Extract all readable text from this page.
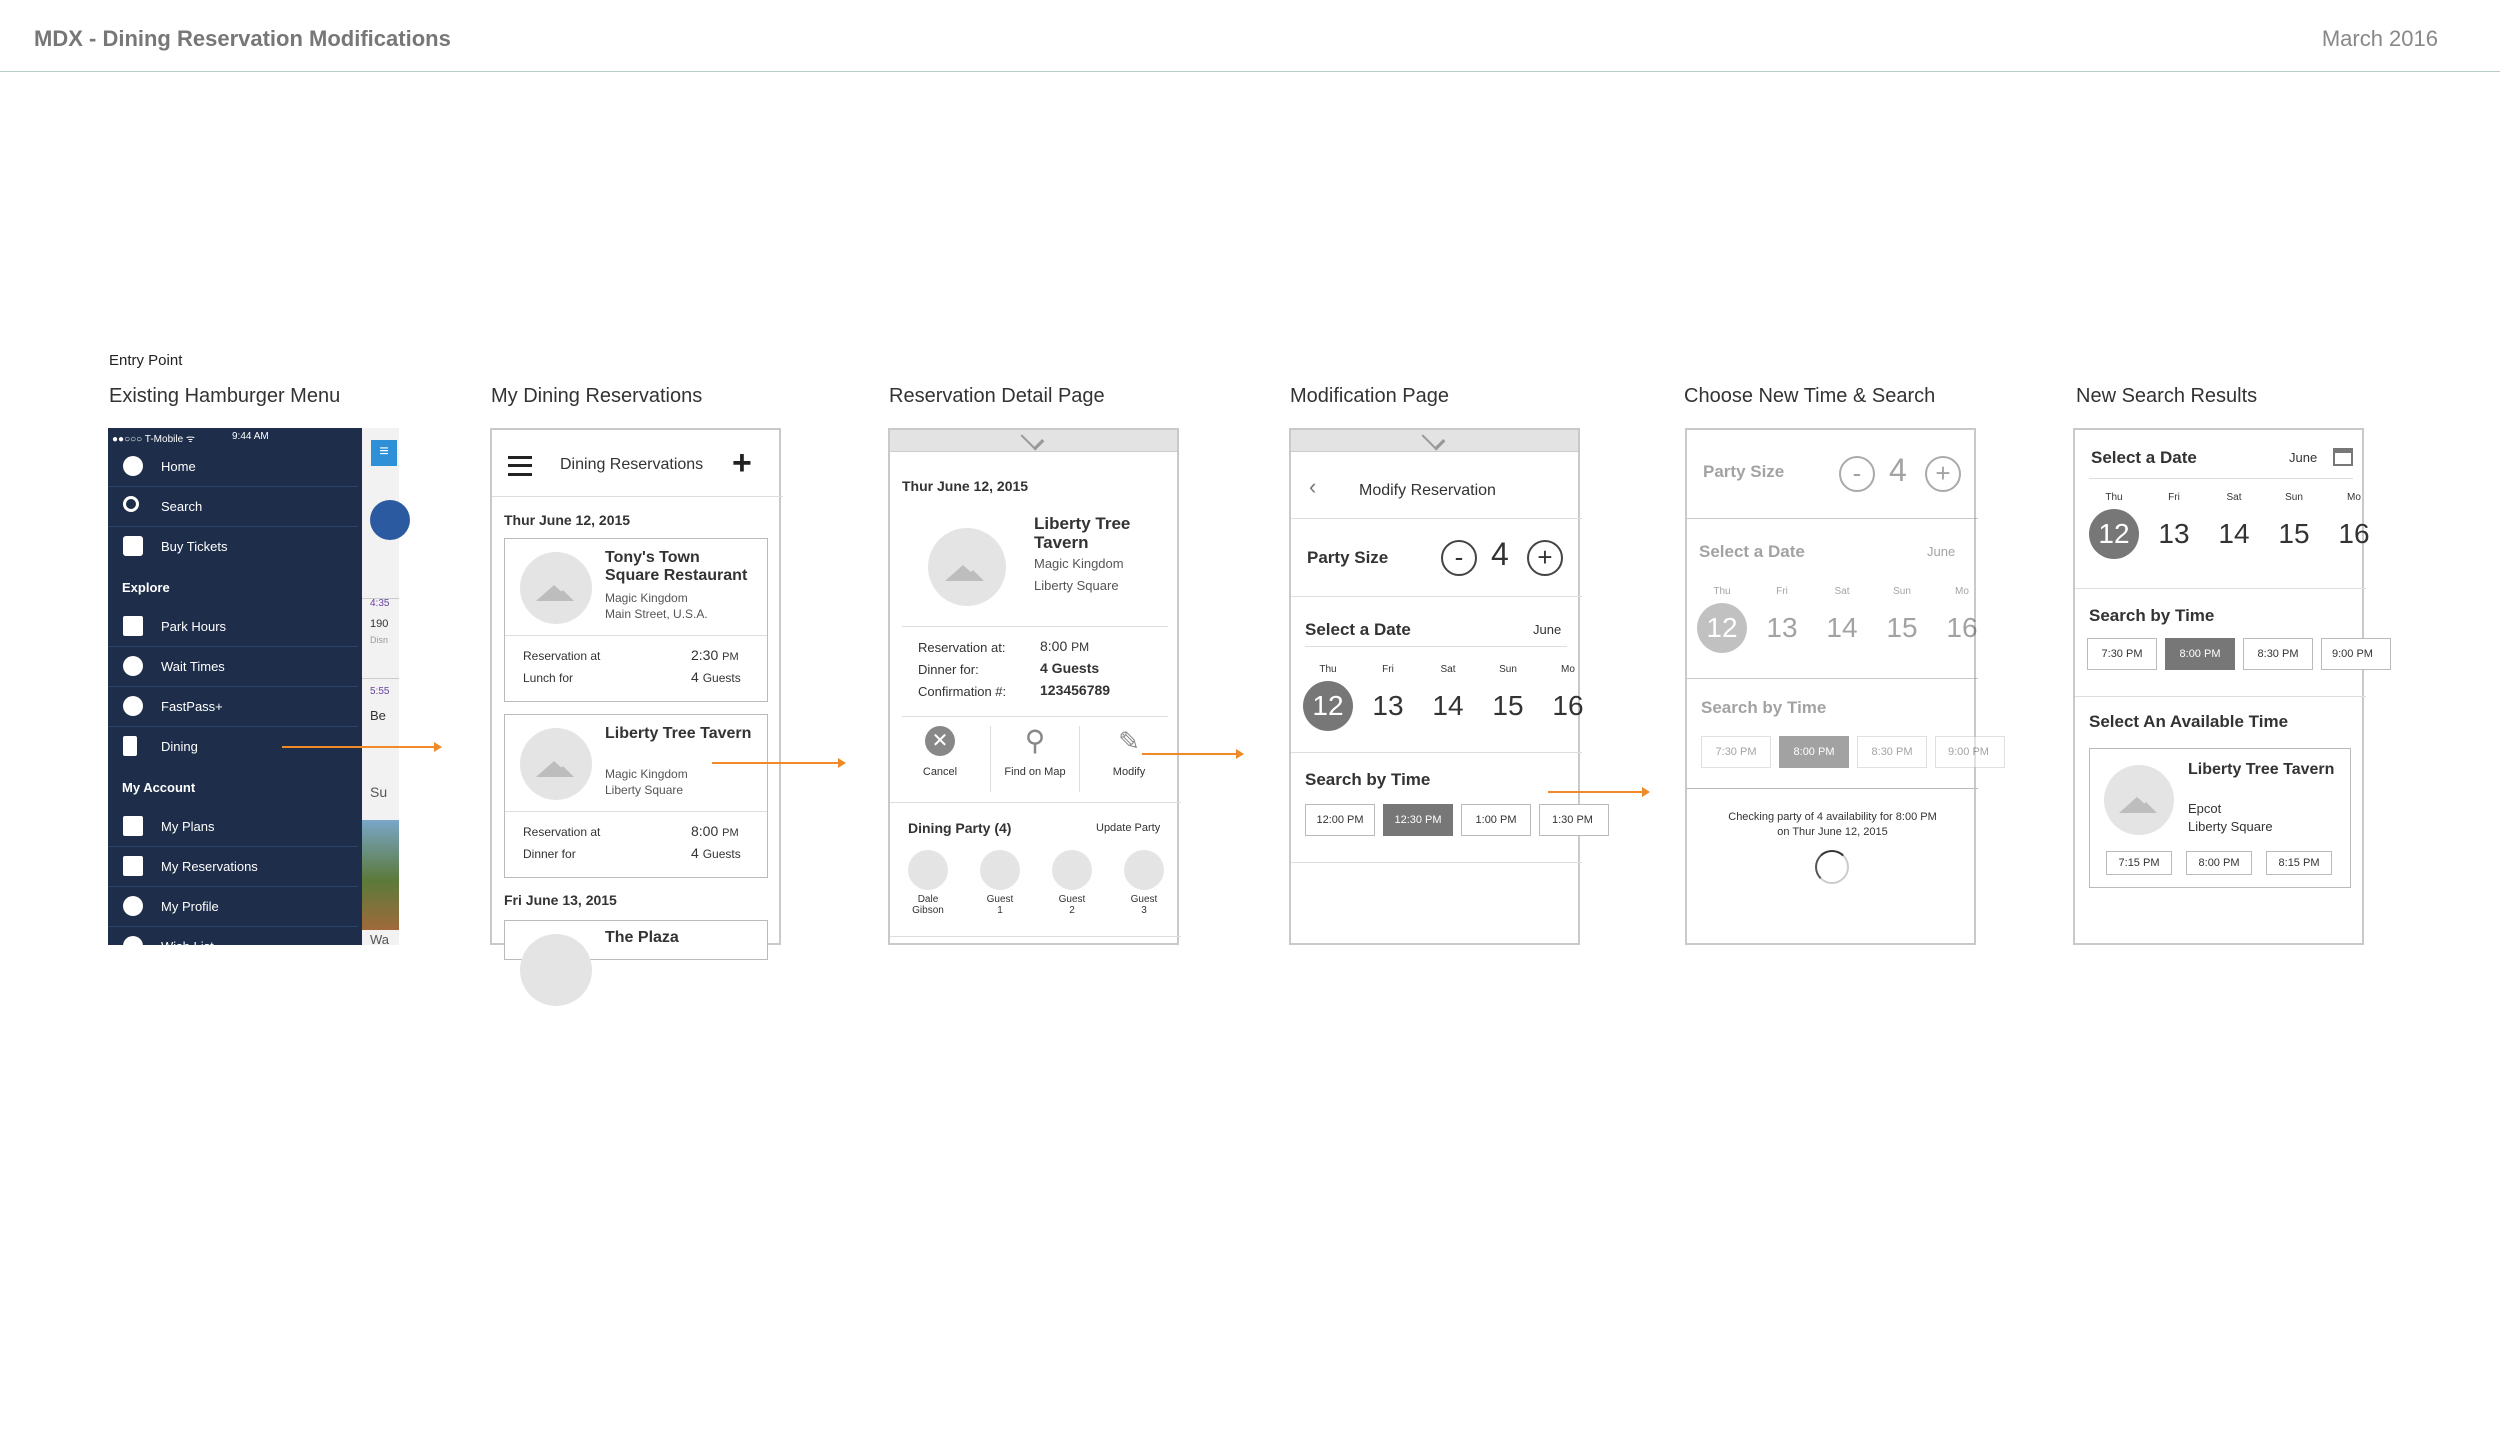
MDX - Dining Reservation Modifications	March 2016
Entry Point
Existing Hamburger Menu	My Dining Reservations	Reservation Detail Page	Modification Page	Choose New Time & Search	New Search Results
≡
4:35
190
Disn
5:55
Be
Su
Wa
●●○○○ T-Mobile ᯤ	9:44 AM
Home
Search
Buy Tickets
Explore
Park Hours
Wait Times
FastPass+
Dining
My Account
My Plans
My Reservations
My Profile
Wish List
Dining Reservations +
Thur June 12, 2015
Tony's Town Square Restaurant
Magic Kingdom
Main Street, U.S.A.
Reservation at	2:30 PM
Lunch for	4 Guests
Liberty Tree Tavern
Magic Kingdom
Liberty Square
Reservation at	8:00 PM
Dinner for	4 Guests
Fri June 13, 2015
The Plaza
Thur June 12, 2015
Liberty Tree Tavern
Magic Kingdom
Liberty Square
Reservation at: 8:00 PM
Dinner for:	4 Guests
Confirmation #: 123456789
✕
Cancel
⚲
Find on Map
✎
Modify
Dining Party (4)	Update Party
Dale
Gibson
Guest
1
Guest
2
Guest
3
‹	Modify Reservation
Party Size	- 4	+
Select a Date	June
Thu
12
Fri
13
Sat
14
Sun
15
Mo
16
Search by Time
12:00 PM	12:30 PM	1:00 PM	1:30 PM
Party Size	- 4	+
Select a Date	June
Thu
12
Fri
13
Sat
14
Sun
15
Mo
16
Search by Time
7:30 PM	8:00 PM	8:30 PM	9:00 PM
Checking party of 4 availability for 8:00 PM
on Thur June 12, 2015
Select a Date	June
Thu
12
Fri
13
Sat
14
Sun
15
Mo
16
Search by Time
7:30 PM	8:00 PM	8:30 PM	9:00 PM
Select An Available Time
Liberty Tree Tavern
Epcot
Liberty Square
7:15 PM	8:00 PM	8:15 PM
